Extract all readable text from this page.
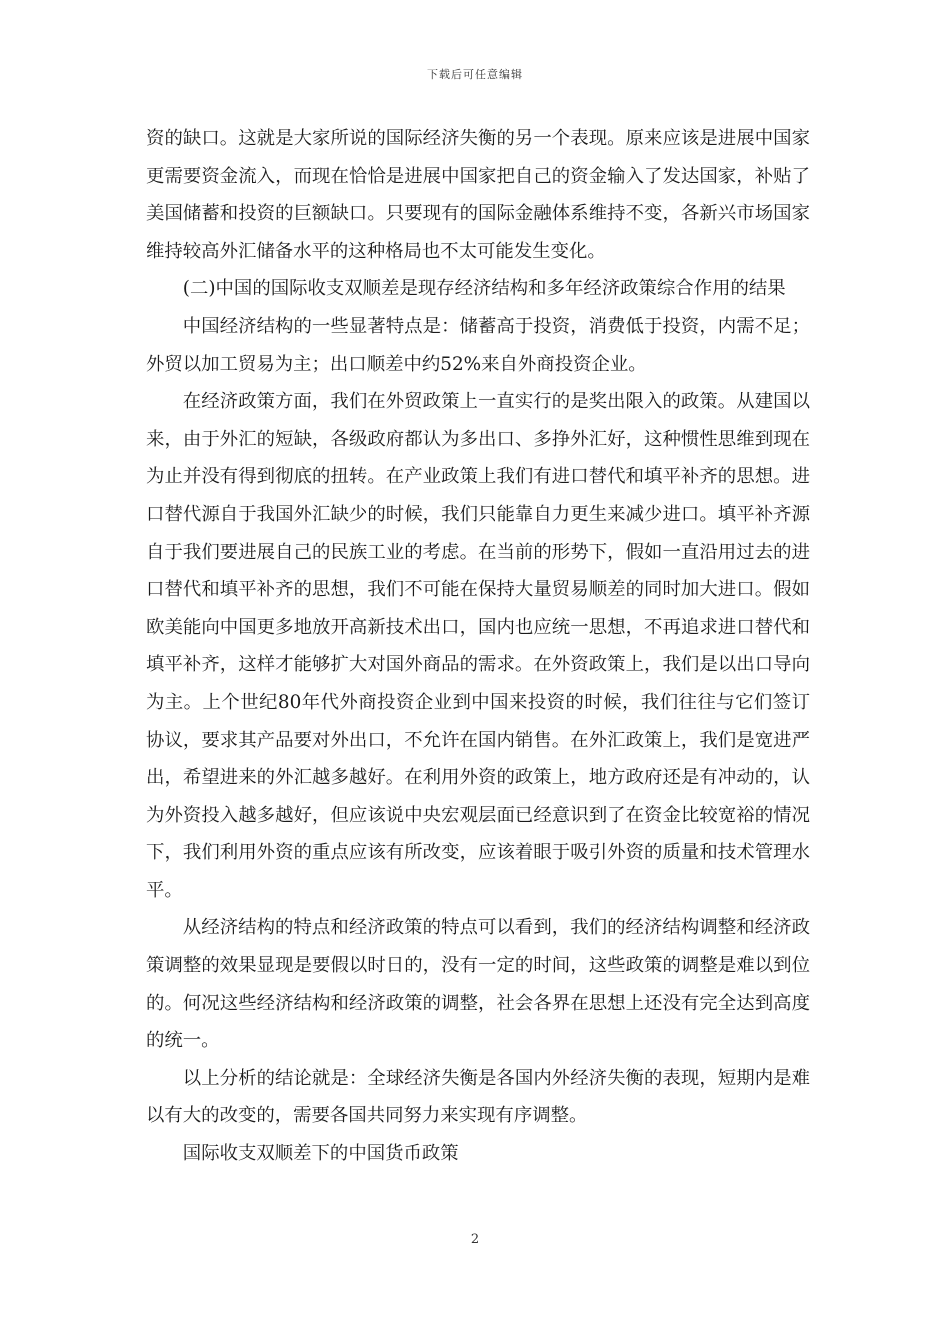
下载后可任意编辑

资的缺口。这就是大家所说的国际经济失衡的另一个表现。原来应该是进展中国家更需要资金流入，而现在恰恰是进展中国家把自己的资金输入了发达国家，补贴了美国储蓄和投资的巨额缺口。只要现有的国际金融体系维持不变，各新兴市场国家维持较高外汇储备水平的这种格局也不太可能发生变化。

(二)中国的国际收支双顺差是现存经济结构和多年经济政策综合作用的结果

中国经济结构的一些显著特点是：储蓄高于投资，消费低于投资，内需不足；外贸以加工贸易为主；出口顺差中约52%来自外商投资企业。

在经济政策方面，我们在外贸政策上一直实行的是奖出限入的政策。从建国以来，由于外汇的短缺，各级政府都认为多出口、多挣外汇好，这种惯性思维到现在为止并没有得到彻底的扭转。在产业政策上我们有进口替代和填平补齐的思想。进口替代源自于我国外汇缺少的时候，我们只能靠自力更生来减少进口。填平补齐源自于我们要进展自己的民族工业的考虑。在当前的形势下，假如一直沿用过去的进口替代和填平补齐的思想，我们不可能在保持大量贸易顺差的同时加大进口。假如欧美能向中国更多地放开高新技术出口，国内也应统一思想，不再追求进口替代和填平补齐，这样才能够扩大对国外商品的需求。在外资政策上，我们是以出口导向为主。上个世纪80年代外商投资企业到中国来投资的时候，我们往往与它们签订协议，要求其产品要对外出口，不允许在国内销售。在外汇政策上，我们是宽进严出，希望进来的外汇越多越好。在利用外资的政策上，地方政府还是有冲动的，认为外资投入越多越好，但应该说中央宏观层面已经意识到了在资金比较宽裕的情况下，我们利用外资的重点应该有所改变，应该着眼于吸引外资的质量和技术管理水平。

从经济结构的特点和经济政策的特点可以看到，我们的经济结构调整和经济政策调整的效果显现是要假以时日的，没有一定的时间，这些政策的调整是难以到位的。何况这些经济结构和经济政策的调整，社会各界在思想上还没有完全达到高度的统一。

以上分析的结论就是：全球经济失衡是各国内外经济失衡的表现，短期内是难以有大的改变的，需要各国共同努力来实现有序调整。

国际收支双顺差下的中国货币政策

2
